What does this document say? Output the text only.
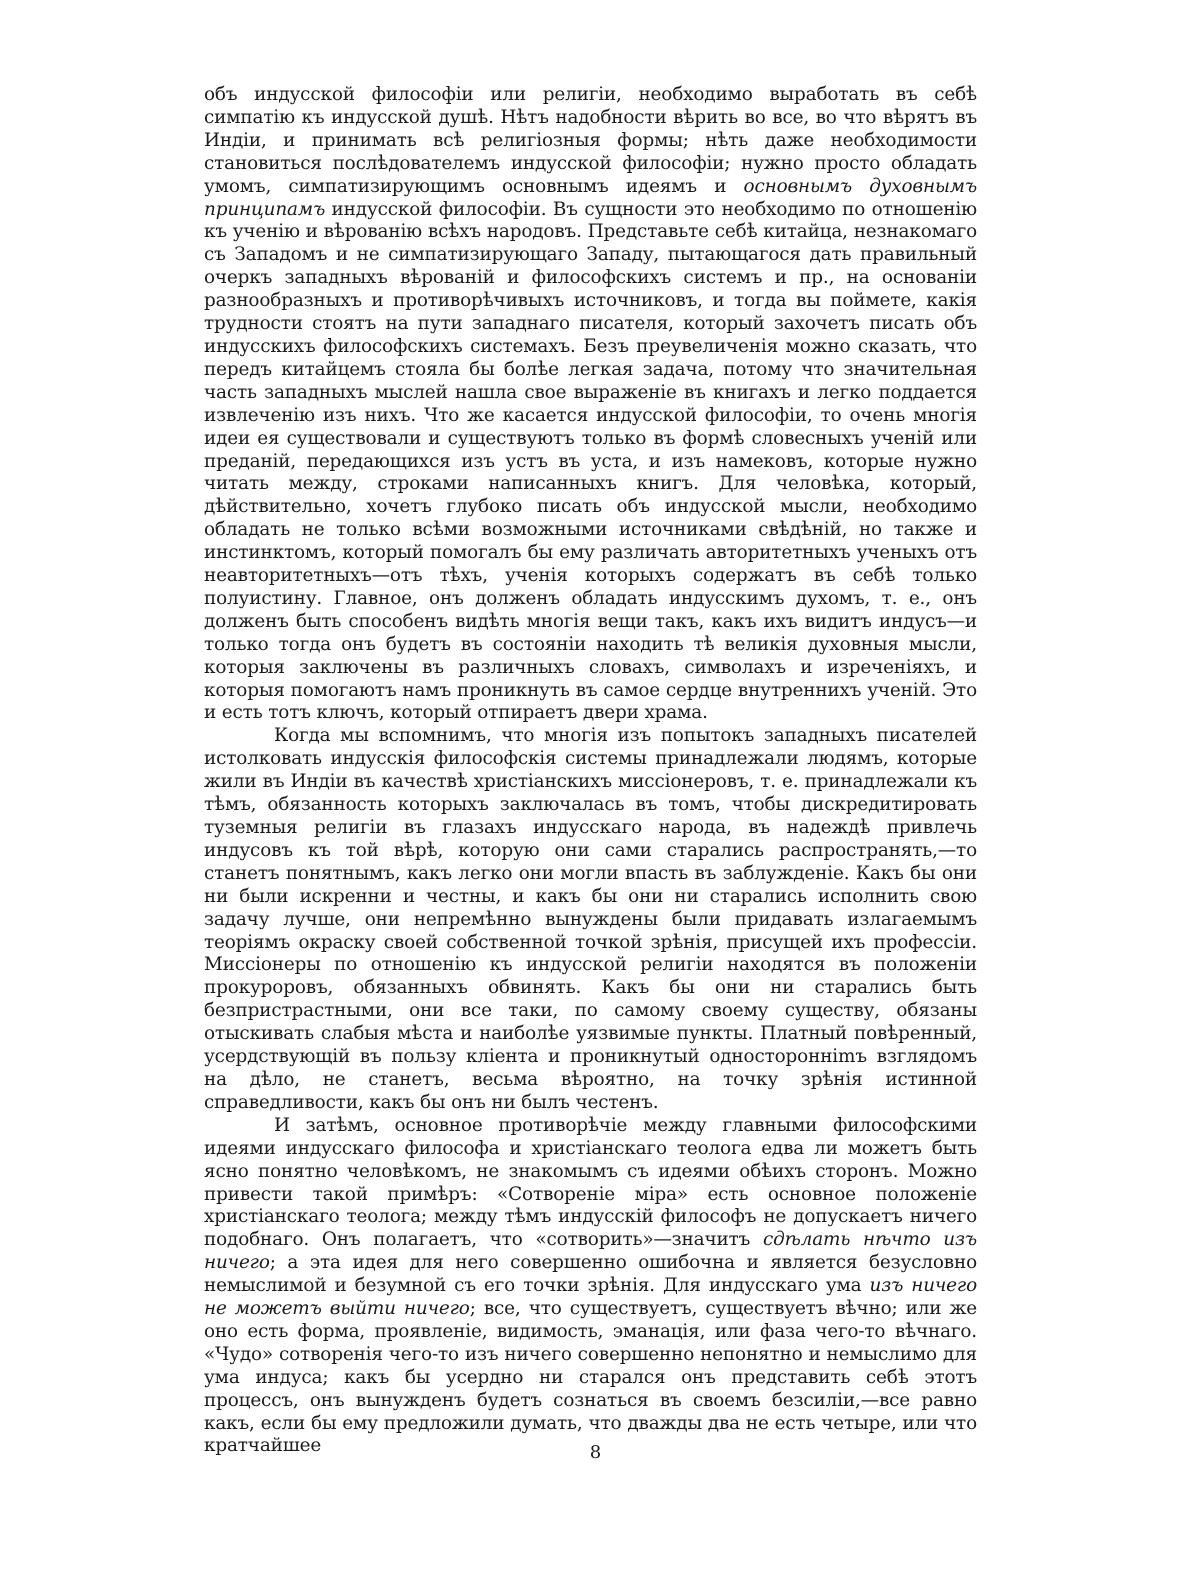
объ индусской философіи или религіи, необходимо выработать въ себѣ симпатію къ индусской душѣ. Нѣтъ надобности вѣрить во все, во что вѣрятъ въ Индіи, и принимать всѣ религіозныя формы; нѣть даже необходимости становиться послѣдователемъ индусской философіи; нужно просто обладать умомъ, симпатизирующимъ основнымъ идеямъ и основнымъ духовнымъ принципамъ индусской философіи. Въ сущности это необходимо по отношенію къ ученію и вѣрованію всѣхъ народовъ. Представьте себѣ китайца, незнакомаго съ Западомъ и не симпатизирующаго Западу, пытающагося дать правильный очеркъ западныхъ вѣрованій и философскихъ системъ и пр., на основаніи разнообразныхъ и противорѣчивыхъ источниковъ, и тогда вы поймете, какія трудности стоятъ на пути западнаго писателя, который захочетъ писать объ индусскихъ философскихъ системахъ. Безъ преувеличенія можно сказать, что передъ китайцемъ стояла бы болѣе легкая задача, потому что значительная часть западныхъ мыслей нашла свое выраженіе въ книгахъ и легко поддается извлеченію изъ нихъ. Что же касается индусской философіи, то очень многія идеи ея существовали и существуютъ только въ формѣ словесныхъ ученій или преданій, передающихся изъ устъ въ уста, и изъ намековъ, которые нужно читать между, строками написанныхъ книгъ. Для человѣка, который, дѣйствительно, хочетъ глубоко писать объ индусской мысли, необходимо обладать не только всѣми возможными источниками свѣдѣній, но также и инстинктомъ, который помогалъ бы ему различать авторитетныхъ ученыхъ отъ неавторитетныхъ—отъ тѣхъ, ученія которыхъ содержатъ въ себѣ только полуистину. Главное, онъ долженъ обладать индусскимъ духомъ, т. е., онъ долженъ быть способенъ видѣть многія вещи такъ, какъ ихъ видитъ индусъ—и только тогда онъ будетъ въ состояніи находить тѣ великія духовныя мысли, которыя заключены въ различныхъ словахъ, символахъ и изреченіяхъ, и которыя помогаютъ намъ проникнуть въ самое сердце внутреннихъ ученій. Это и есть тотъ ключъ, который отпираетъ двери храма.

Когда мы вспомнимъ, что многія изъ попытокъ западныхъ писателей истолковать индусскія философскія системы принадлежали людямъ, которые жили въ Индіи въ качествѣ христіанскихъ миссіонеровъ, т. е. принадлежали къ тѣмъ, обязанность которыхъ заключалась въ томъ, чтобы дискредитировать туземныя религіи въ глазахъ индусскаго народа, въ надеждѣ привлечь индусовъ къ той вѣрѣ, которую они сами старались распространять,—то станетъ понятнымъ, какъ легко они могли впасть въ заблужденіе. Какъ бы они ни были искренни и честны, и какъ бы они ни старались исполнить свою задачу лучше, они непремѣнно вынуждены были придавать излагаемымъ теоріямъ окраску своей собственной точкой зрѣнія, присущей ихъ профессіи. Миссіонеры по отношенію къ индусской религіи находятся въ положеніи прокуроровъ, обязанныхъ обвинять. Какъ бы они ни старались быть безпристрастными, они все таки, по самому своему существу, обязаны отыскивать слабыя мѣста и наиболѣе уязвимые пункты. Платный повѣренный, усердствующій въ пользу кліента и проникнутый односторонніmъ взглядомъ на дѣло, не станетъ, весьма вѣроятно, на точку зрѣнія истинной справедливости, какъ бы онъ ни былъ честенъ.

И затѣмъ, основное противорѣчіе между главными философскими идеями индусскаго философа и христіанскаго теолога едва ли можетъ быть ясно понятно человѣкомъ, не знакомымъ съ идеями обѣихъ сторонъ. Можно привести такой примѣръ: «Сотвореніе міра» есть основное положеніе христіанскаго теолога; между тѣмъ индусскій философъ не допускаетъ ничего подобнаго. Онъ полагаетъ, что «сотворить»—значитъ сдѣлать нѣчто изъ ничего; а эта идея для него совершенно ошибочна и является безусловно немыслимой и безумной съ его точки зрѣнія. Для индусскаго ума изъ ничего не можетъ выйти ничего; все, что существуетъ, существуетъ вѣчно; или же оно есть форма, проявленіе, видимость, эманація, или фаза чего-то вѣчнаго. «Чудо» сотворенія чего-то изъ ничего совершенно непонятно и немыслимо для ума индуса; какъ бы усердно ни старался онъ представить себѣ этотъ процессъ, онъ вынужденъ будетъ сознаться въ своемъ безсиліи,—все равно какъ, если бы ему предложили думать, что дважды два не есть четыре, или что кратчайшее	8
